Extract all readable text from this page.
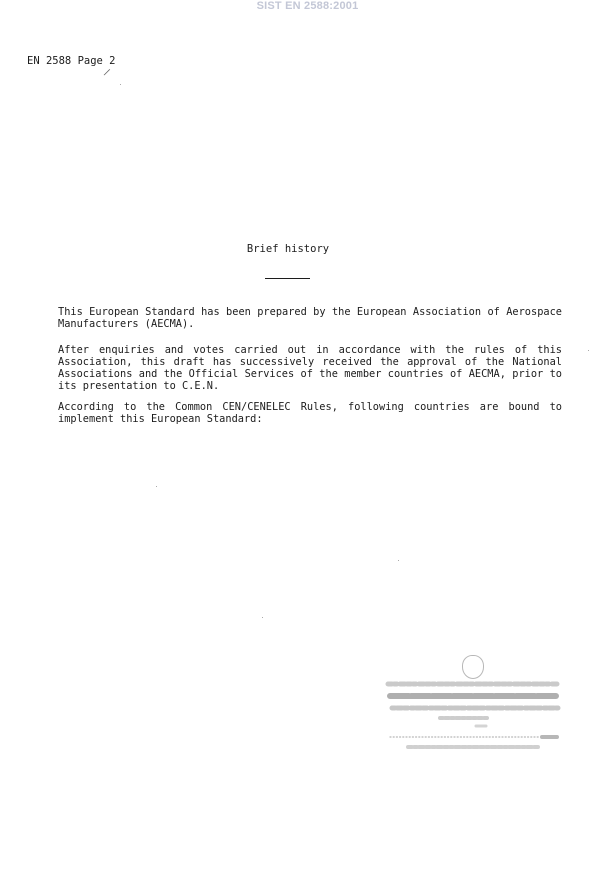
SIST EN 2588:2001
EN 2588 Page 2
/
Brief history
This European Standard has been prepared by the European Association of Aerospace Manufacturers (AECMA).
After enquiries and votes carried out in accordance with the rules of this Association, this draft has successively received the approval of the National Associations and the Official Services of the member countries of AECMA, prior to its presentation to C.E.N.
According to the Common CEN/CENELEC Rules, following countries are bound to implement this European Standard:
